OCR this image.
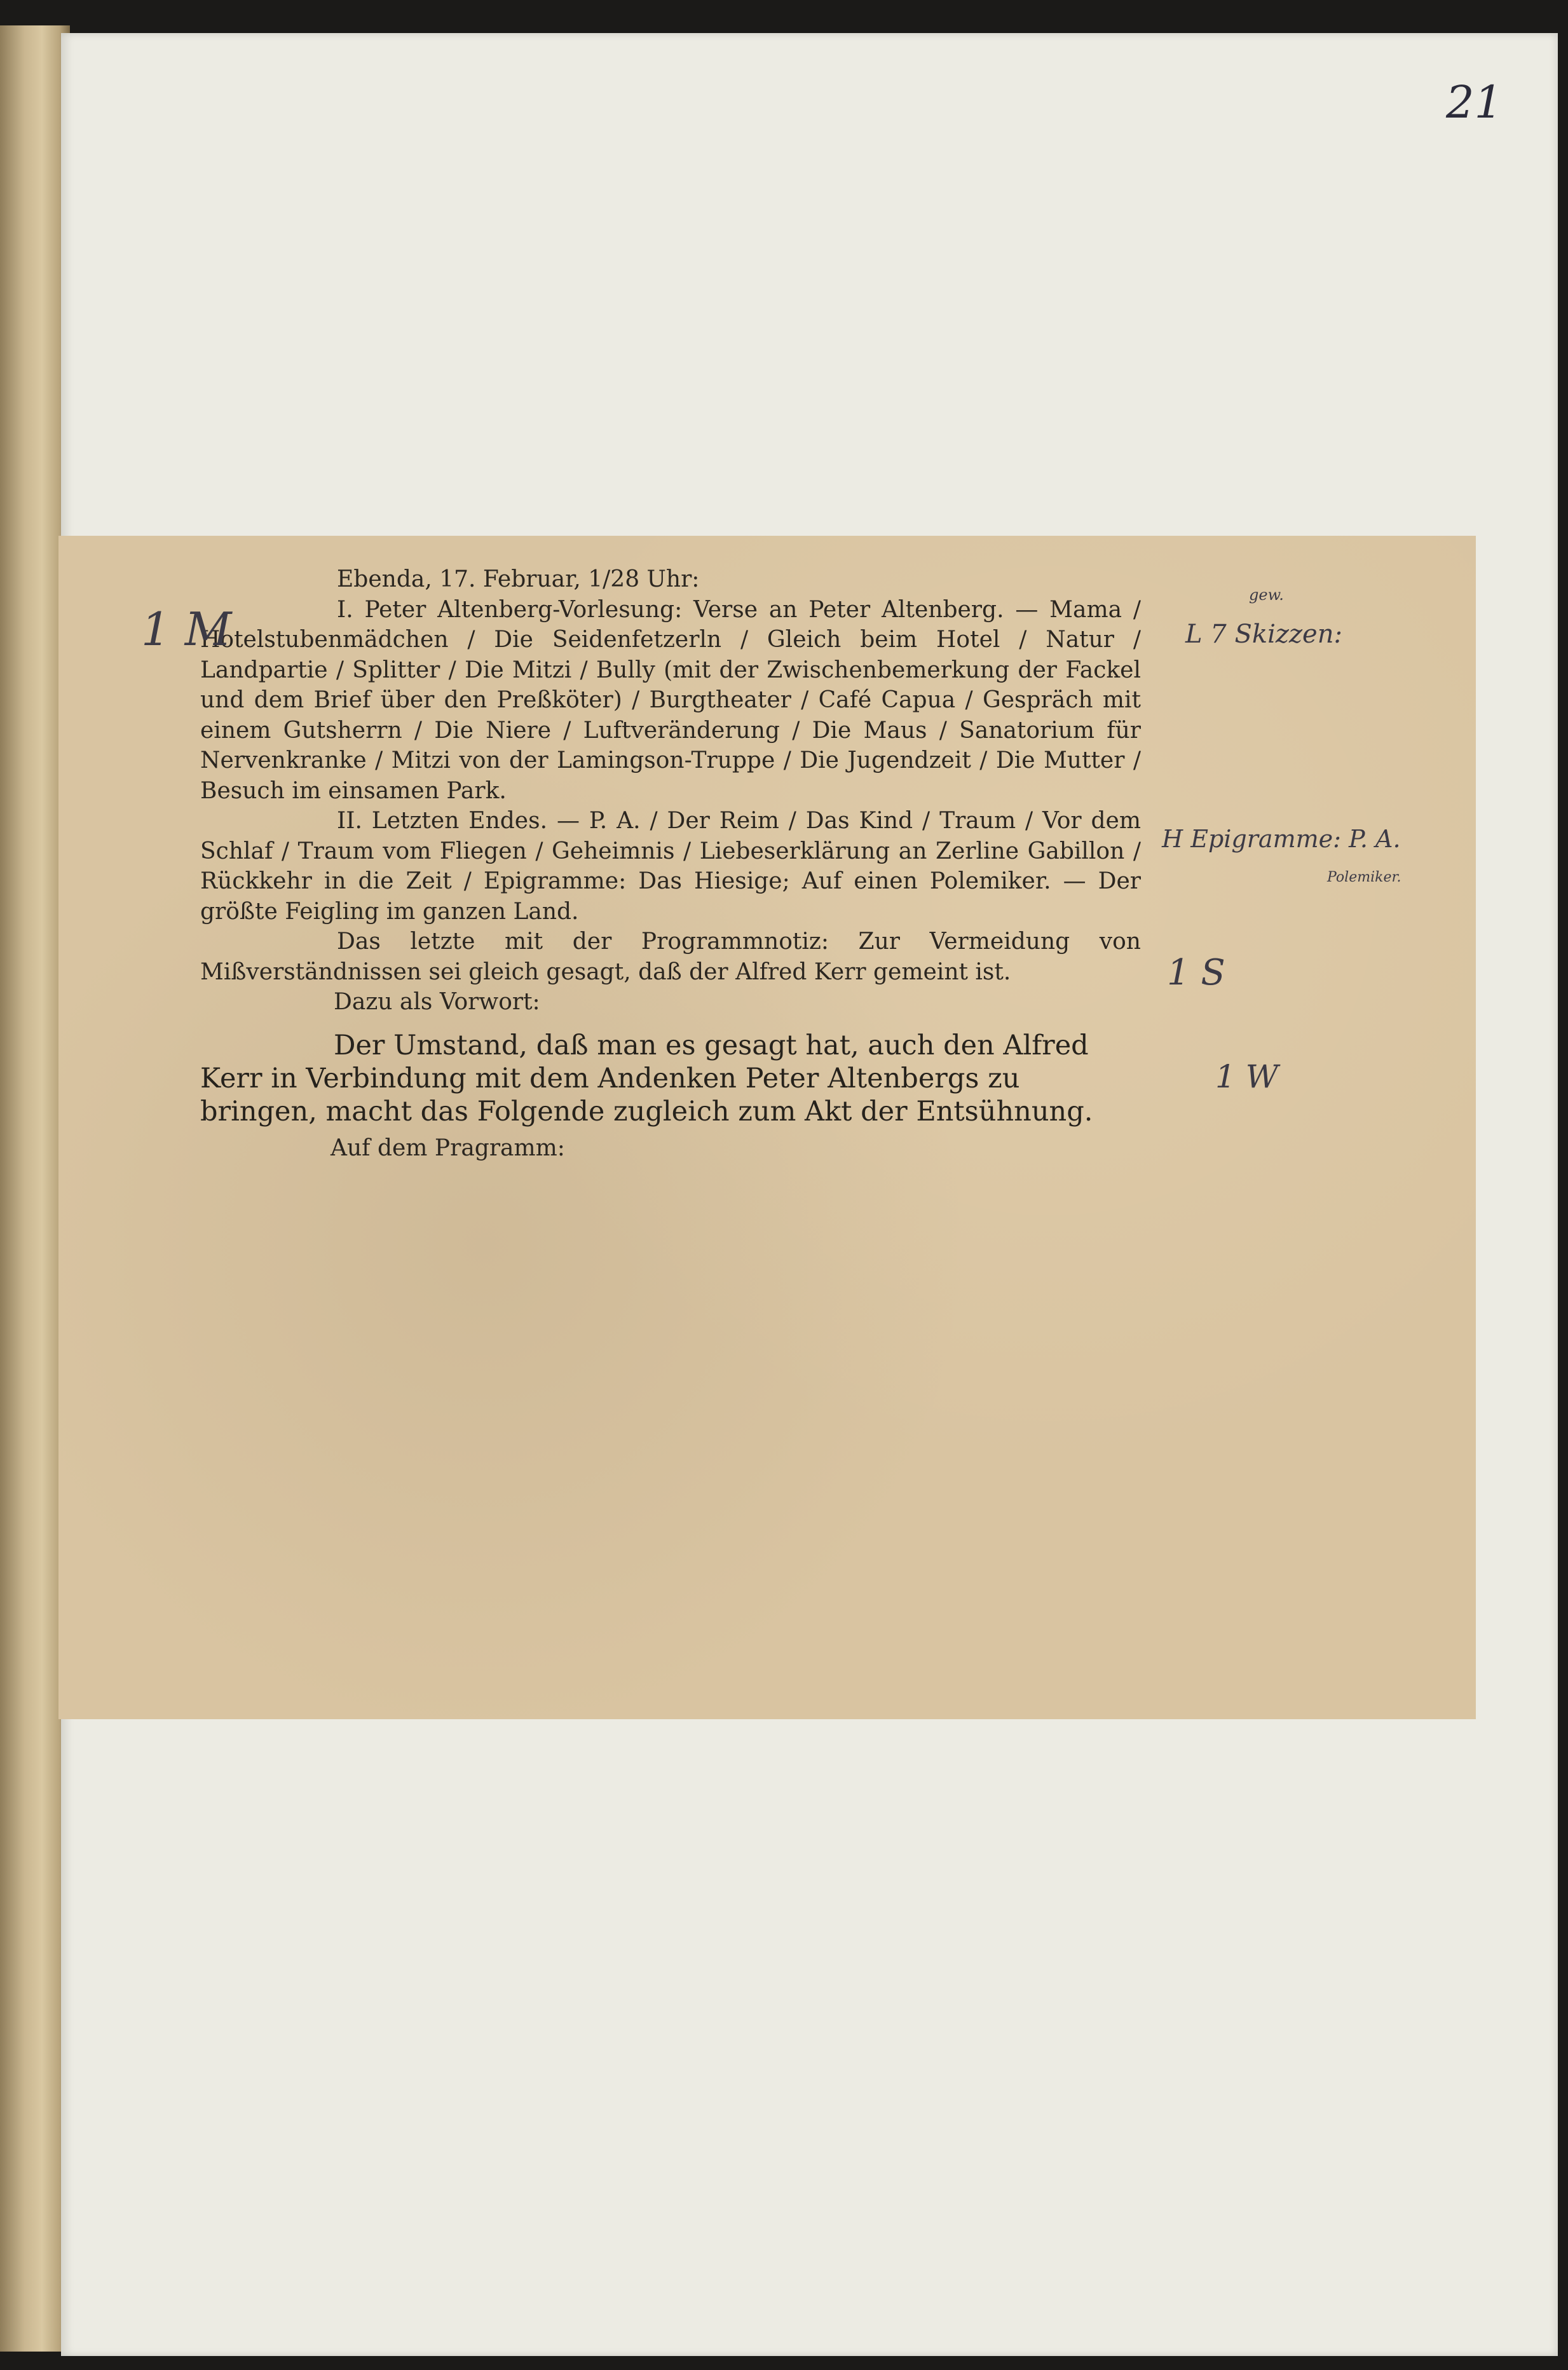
21

Ebenda, 17. Februar, 1/28 Uhr:

I. Peter Altenberg-Vorlesung: Verse an Peter Altenberg. — Mama / Hotelstubenmädchen / Die Seidenfetzerln / Gleich beim Hotel / Natur / Landpartie / Splitter / Die Mitzi / Bully (mit der Zwischenbemerkung der Fackel und dem Brief über den Preßköter) / Burgtheater / Café Capua / Gespräch mit einem Gutsherrn / Die Niere / Luftveränderung / Die Maus / Sanatorium für Nervenkranke / Mitzi von der Lamingson-Truppe / Die Jugendzeit / Die Mutter / Besuch im einsamen Park.

II. Letzten Endes. — P. A. / Der Reim / Das Kind / Traum / Vor dem Schlaf / Traum vom Fliegen / Geheimnis / Liebeserklärung an Zerline Gabillon / Rückkehr in die Zeit / Epigramme: Das Hiesige; Auf einen Polemiker. — Der größte Feigling im ganzen Land.

Das letzte mit der Programmnotiz: Zur Vermeidung von Mißverständnissen sei gleich gesagt, daß der Alfred Kerr gemeint ist.

Dazu als Vorwort:

Der Umstand, daß man es gesagt hat, auch den Alfred Kerr in Verbindung mit dem Andenken Peter Altenbergs zu bringen, macht das Folgende zugleich zum Akt der Entsühnung.

Auf dem Pragramm:

1 M
gew.
L 7 Skizzen:
H Epigramme: P. A.
Polemiker.
1 S
1 W
